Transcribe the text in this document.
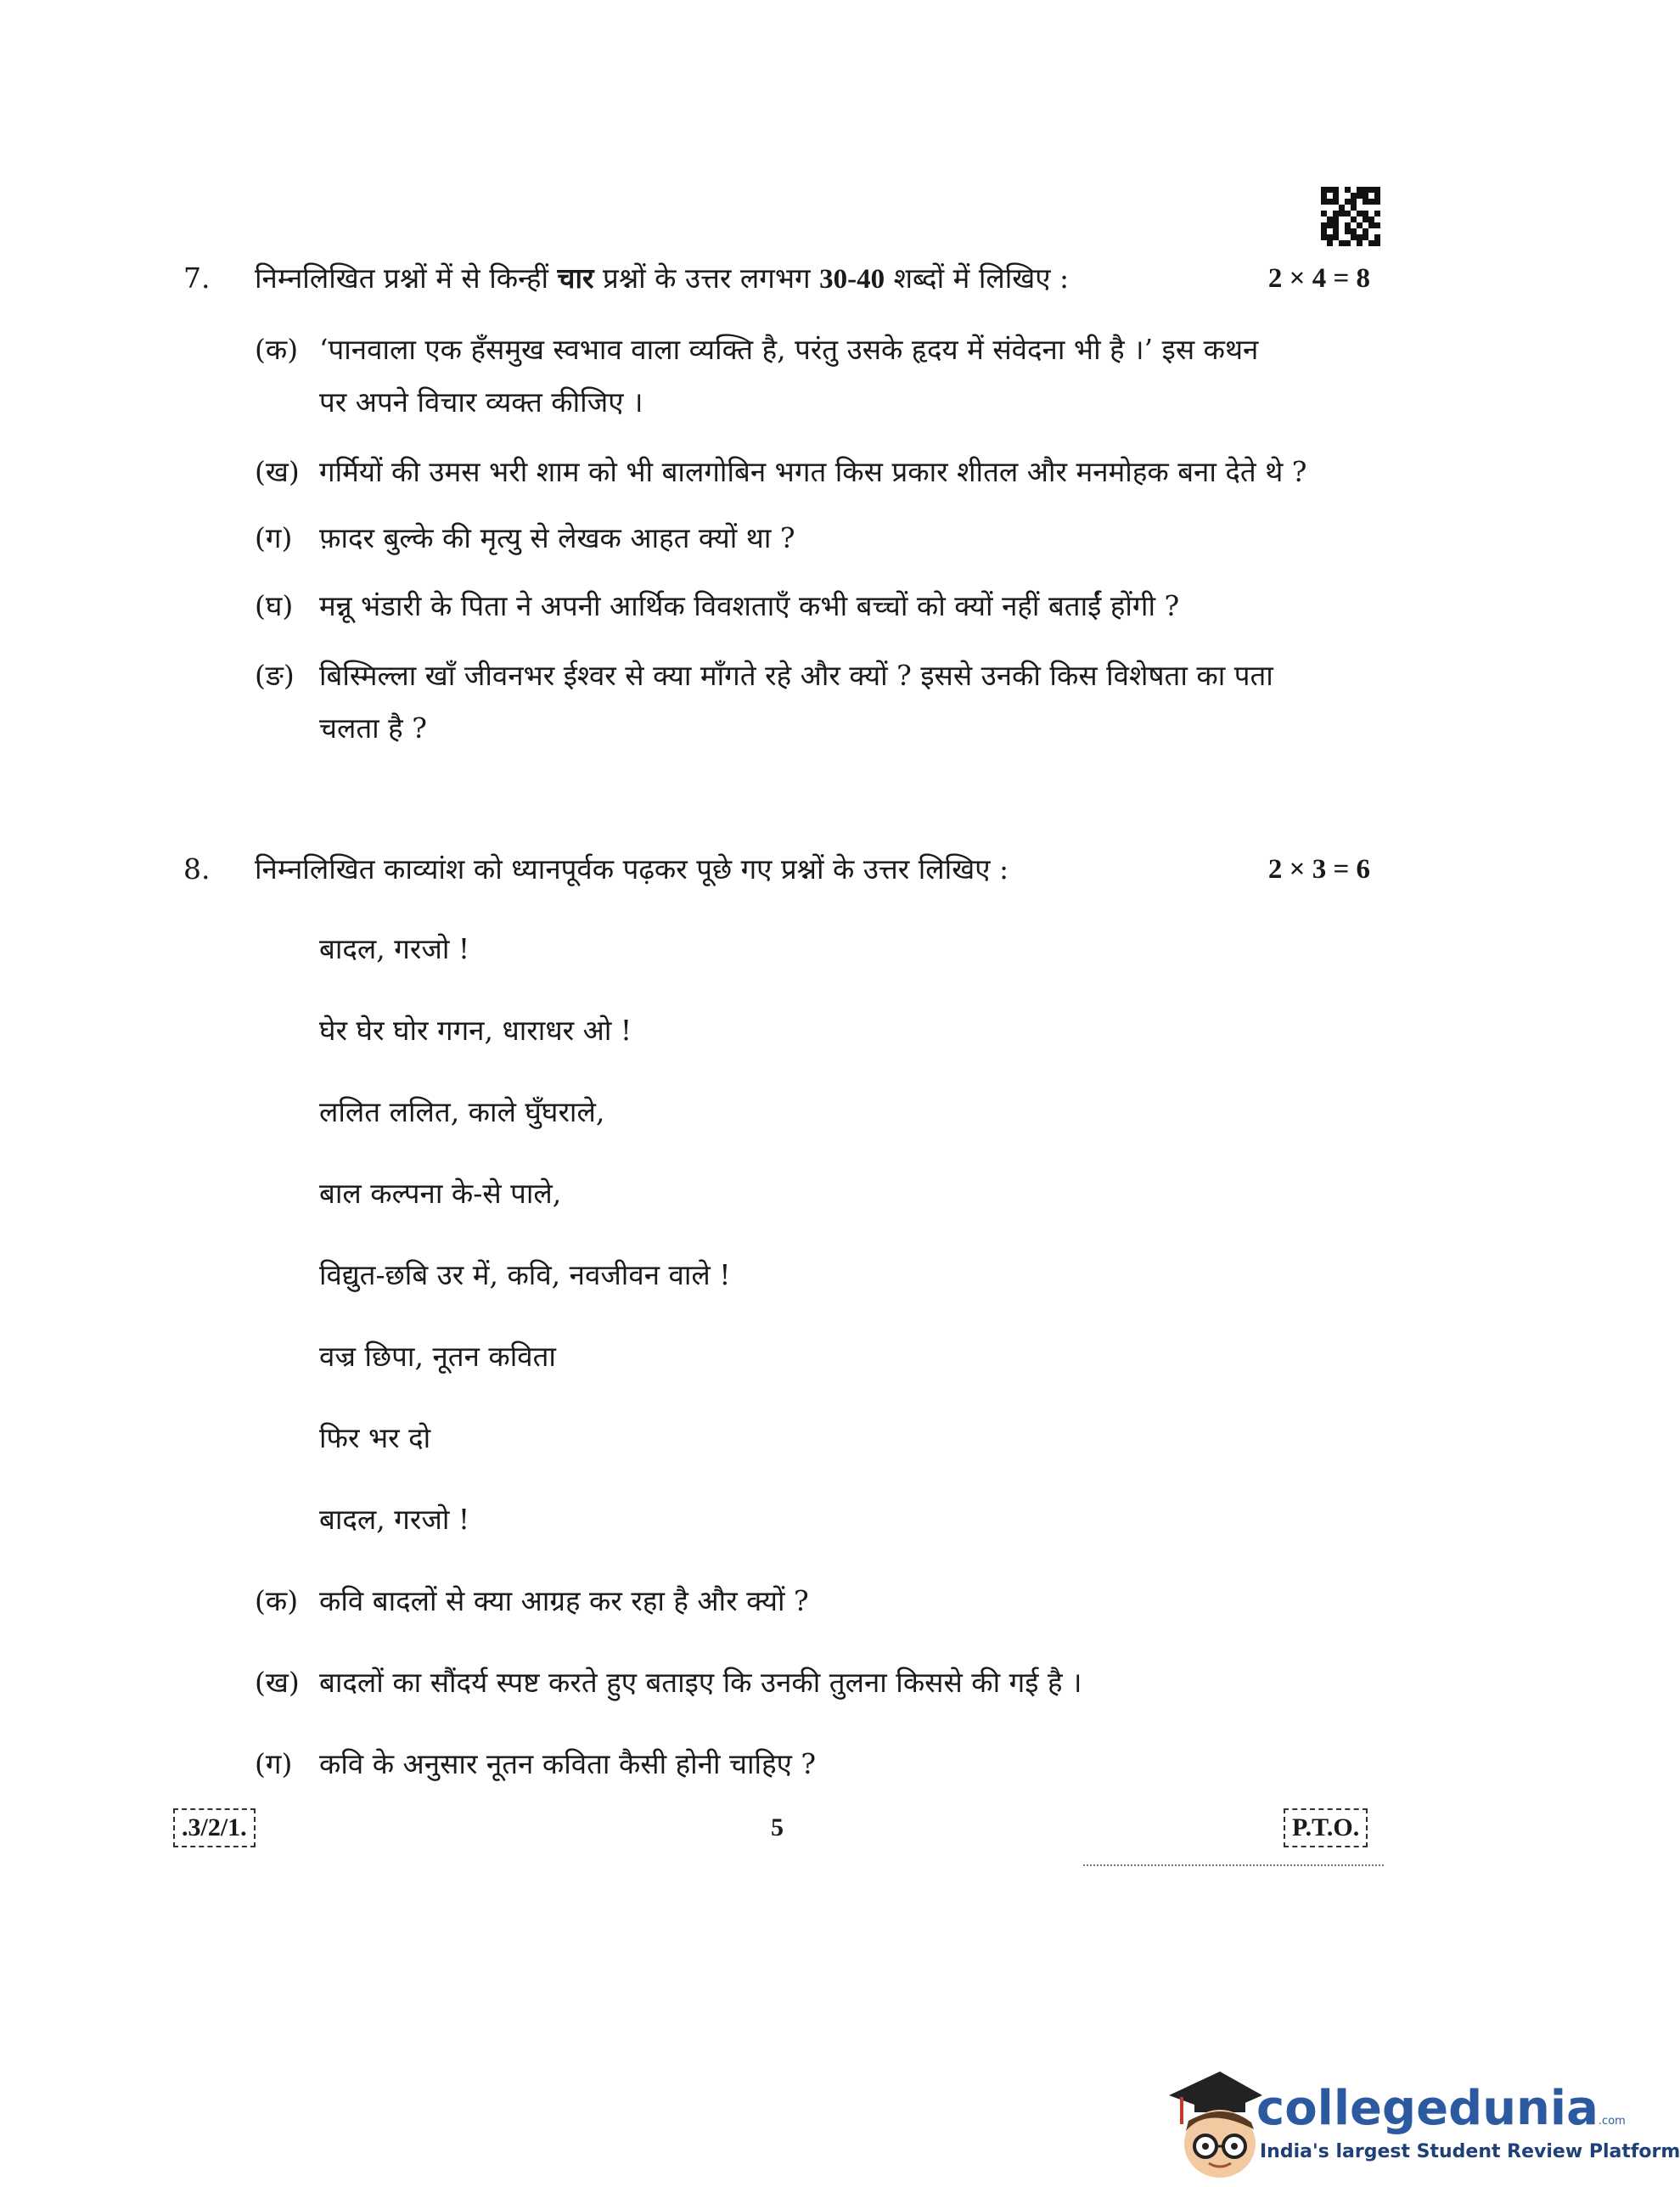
7. निम्नलिखित प्रश्नों में से किन्हीं चार प्रश्नों के उत्तर लगभग 30-40 शब्दों में लिखिए :	2 × 4 = 8
(क) ‘पानवाला एक हँसमुख स्वभाव वाला व्यक्ति है, परंतु उसके हृदय में संवेदना भी है ।’ इस कथन
पर अपने विचार व्यक्त कीजिए ।
(ख) गर्मियों की उमस भरी शाम को भी बालगोबिन भगत किस प्रकार शीतल और मनमोहक बना देते थे ?
(ग) फ़ादर बुल्के की मृत्यु से लेखक आहत क्यों था ?
(घ) मन्नू भंडारी के पिता ने अपनी आर्थिक विवशताएँ कभी बच्चों को क्यों नहीं बताईं होंगी ?
(ङ) बिस्मिल्ला खाँ जीवनभर ईश्वर से क्या माँगते रहे और क्यों ? इससे उनकी किस विशेषता का पता
चलता है ?
8. निम्नलिखित काव्यांश को ध्यानपूर्वक पढ़कर पूछे गए प्रश्नों के उत्तर लिखिए :	2 × 3 = 6
बादल, गरजो !
घेर घेर घोर गगन, धाराधर ओ !
ललित ललित, काले घुँघराले,
बाल कल्पना के-से पाले,
विद्युत-छबि उर में, कवि, नवजीवन वाले !
वज्र छिपा, नूतन कविता
फिर भर दो
बादल, गरजो !
(क) कवि बादलों से क्या आग्रह कर रहा है और क्यों ?
(ख) बादलों का सौंदर्य स्पष्ट करते हुए बताइए कि उनकी तुलना किससे की गई है ।
(ग) कवि के अनुसार नूतन कविता कैसी होनी चाहिए ?
.3/2/1.	5	P.T.O.
collegedunia.com
India's largest Student Review Platform
